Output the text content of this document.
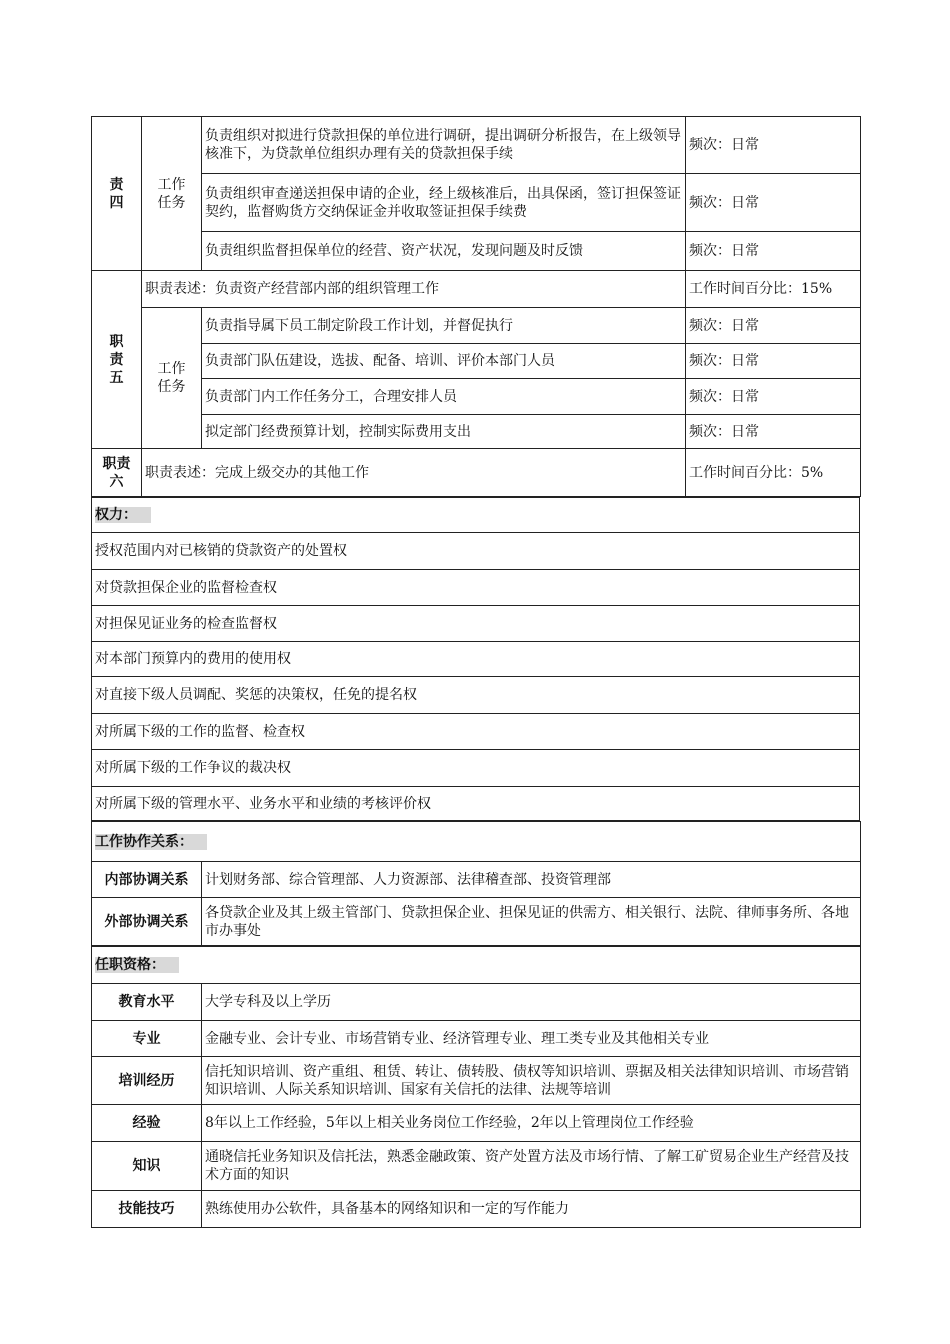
责
四	工作
任务	负责组织对拟进行贷款担保的单位进行调研，提出调研分析报告，在上级领导核准下，为贷款单位组织办理有关的贷款担保手续	频次：日常
		负责组织审查递送担保申请的企业，经上级核准后，出具保函，签订担保签证契约，监督购货方交纳保证金并收取签证担保手续费	频次：日常
		负责组织监督担保单位的经营、资产状况，发现问题及时反馈	频次：日常

职
责
五	职责表述：负责资产经营部内部的组织管理工作		工作时间百分比：15%

	工作
任务	负责指导属下员工制定阶段工作计划，并督促执行	频次：日常
		负责部门队伍建设，选拔、配备、培训、评价本部门人员	频次：日常
		负责部门内工作任务分工，合理安排人员	频次：日常
		拟定部门经费预算计划，控制实际费用支出	频次：日常

职责
六	职责表述：完成上级交办的其他工作		工作时间百分比：5%
权力：
授权范围内对已核销的贷款资产的处置权
对贷款担保企业的监督检查权
对担保见证业务的检查监督权
对本部门预算内的费用的使用权
对直接下级人员调配、奖惩的决策权，任免的提名权
对所属下级的工作的监督、检查权
对所属下级的工作争议的裁决权
对所属下级的管理水平、业务水平和业绩的考核评价权
工作协作关系：	
内部协调关系	计划财务部、综合管理部、人力资源部、法律稽查部、投资管理部
外部协调关系	各贷款企业及其上级主管部门、贷款担保企业、担保见证的供需方、相关银行、法院、律师事务所、各地市办事处
任职资格：	
教育水平	大学专科及以上学历
专业	金融专业、会计专业、市场营销专业、经济管理专业、理工类专业及其他相关专业
培训经历	信托知识培训、资产重组、租赁、转让、债转股、债权等知识培训、票据及相关法律知识培训、市场营销知识培训、人际关系知识培训、国家有关信托的法律、法规等培训
经验	8年以上工作经验，5年以上相关业务岗位工作经验，2年以上管理岗位工作经验
知识	通晓信托业务知识及信托法，熟悉金融政策、资产处置方法及市场行情、了解工矿贸易企业生产经营及技术方面的知识
技能技巧	熟练使用办公软件，具备基本的网络知识和一定的写作能力
